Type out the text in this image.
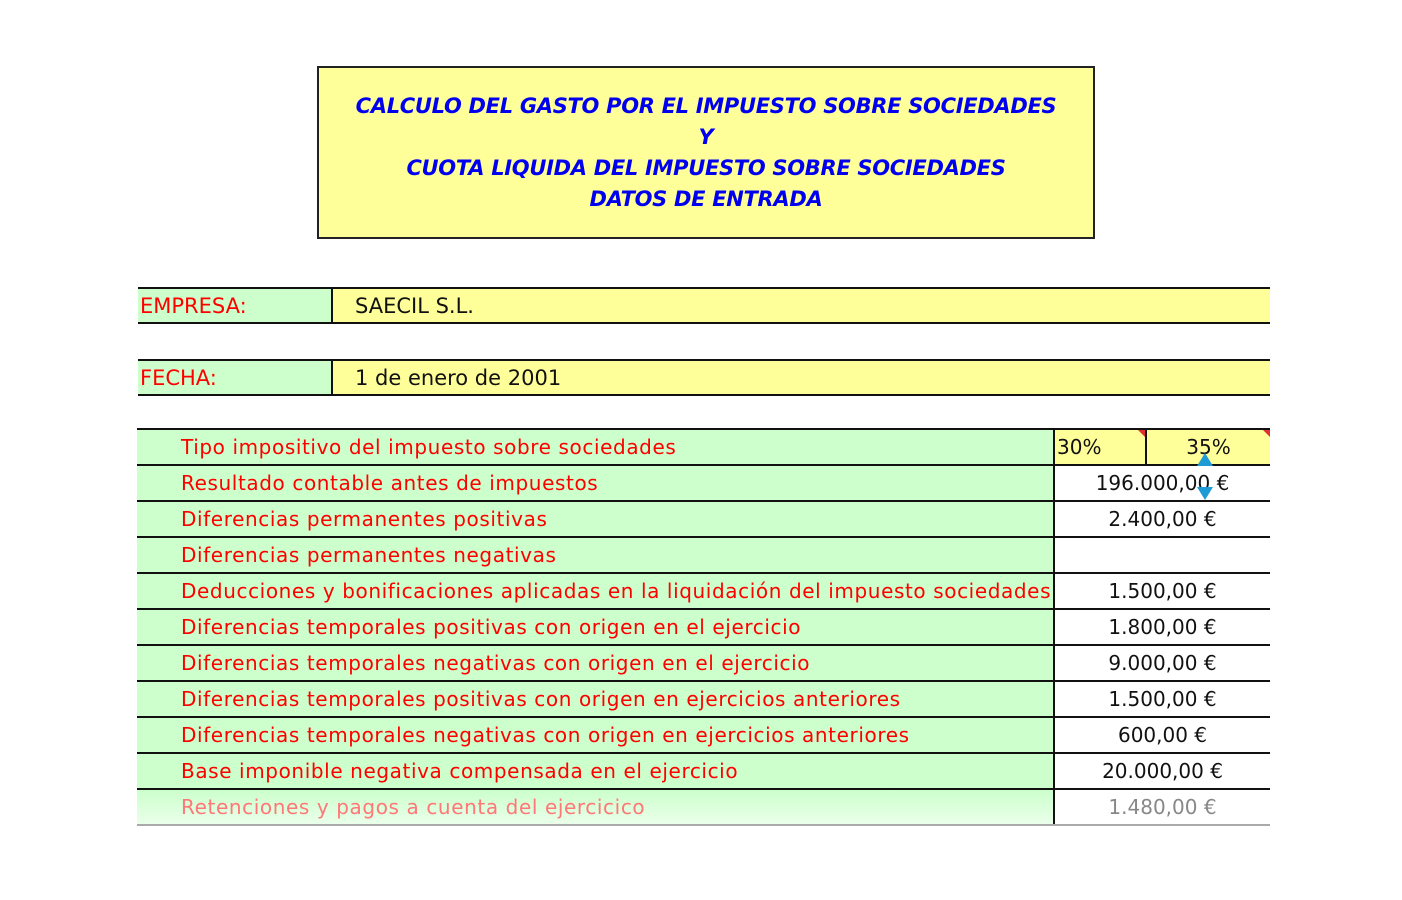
CALCULO DEL GASTO POR EL IMPUESTO SOBRE SOCIEDADES
Y
CUOTA LIQUIDA DEL IMPUESTO SOBRE SOCIEDADES
DATOS DE ENTRADA
EMPRESA:	SAECIL S.L.
FECHA:	1 de enero de 2001
Tipo impositivo del impuesto sobre sociedades	30%	35%
Resultado contable antes de impuestos	196.000,00 €
Diferencias permanentes positivas	2.400,00 €
Diferencias permanentes negativas
Deducciones y bonificaciones aplicadas en la liquidación del impuesto sociedades	1.500,00 €
Diferencias temporales positivas con origen en el ejercicio	1.800,00 €
Diferencias temporales negativas con origen en el ejercicio	9.000,00 €
Diferencias temporales positivas con origen en ejercicios anteriores	1.500,00 €
Diferencias temporales negativas con origen en ejercicios anteriores	600,00 €
Base imponible negativa compensada en el ejercicio	20.000,00 €
Retenciones y pagos a cuenta del ejercicico	1.480,00 €
